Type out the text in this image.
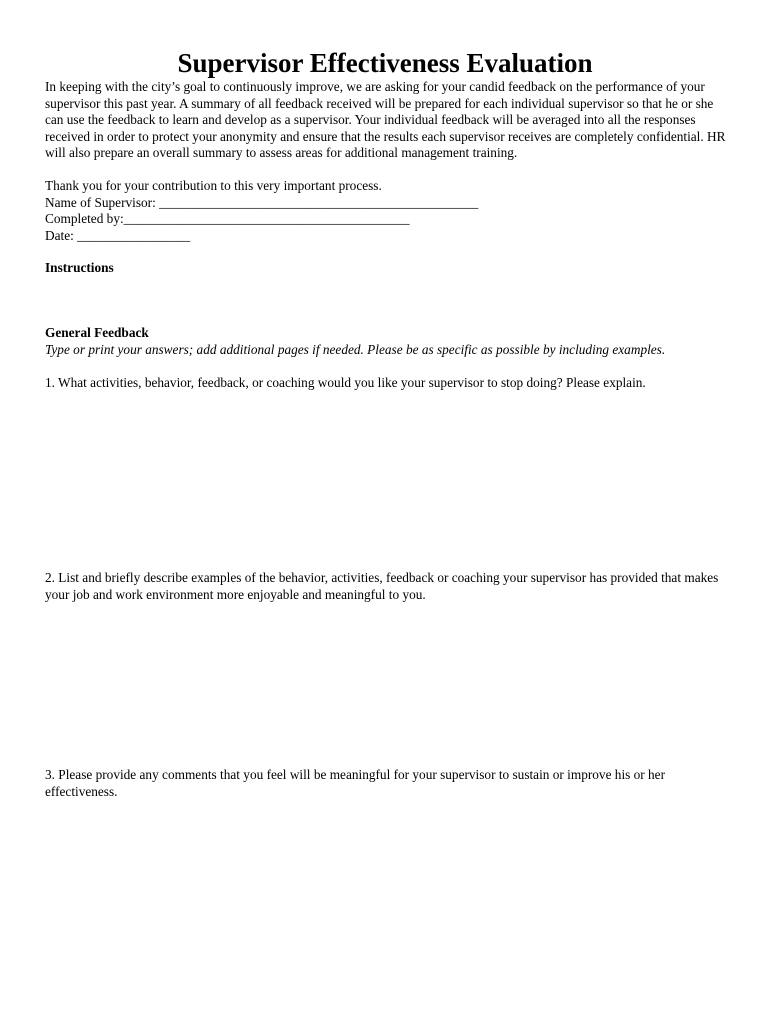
Supervisor Effectiveness Evaluation

In keeping with the city’s goal to continuously improve, we are asking for your candid feedback on the performance of your supervisor this past year. A summary of all feedback received will be prepared for each individual supervisor so that he or she can use the feedback to learn and develop as a supervisor. Your individual feedback will be averaged into all the responses received in order to protect your anonymity and ensure that the results each supervisor receives are completely confidential. HR will also prepare an overall summary to assess areas for additional management training.

Thank you for your contribution to this very important process.
Name of Supervisor: ________________________________________________
Completed by:___________________________________________
Date: _________________
Instructions
General Feedback
Type or print your answers; add additional pages if needed. Please be as specific as possible by including examples.

1. What activities, behavior, feedback, or coaching would you like your supervisor to stop doing? Please explain.

2. List and briefly describe examples of the behavior, activities, feedback or coaching your supervisor has provided that makes your job and work environment more enjoyable and meaningful to you.

3. Please provide any comments that you feel will be meaningful for your supervisor to sustain or improve his or her effectiveness.
